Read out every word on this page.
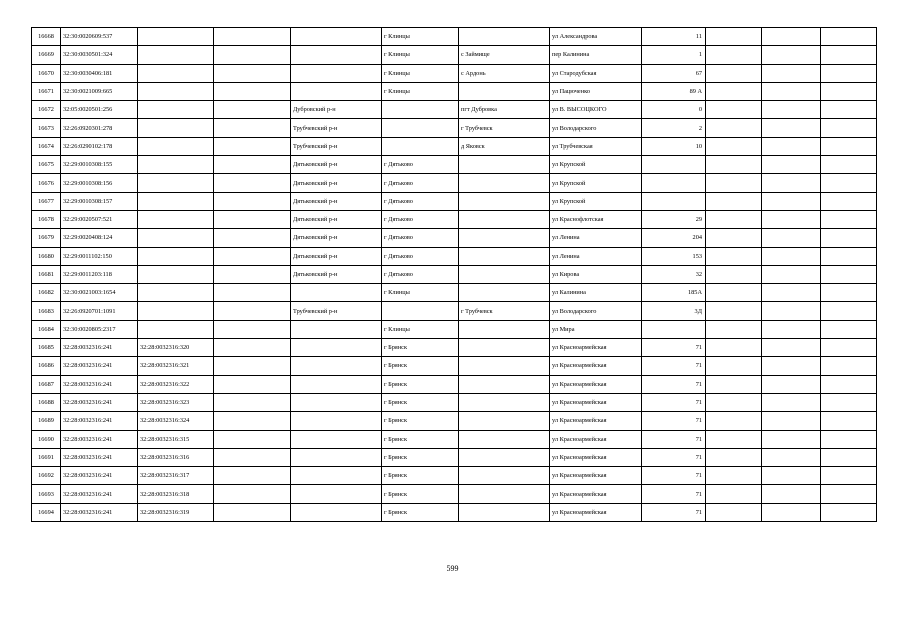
16668	32:30:0020609:537				г Клинцы		ул Александрова	11			
16669	32:30:0030501:324				г Клинцы	с Займище	пер Калинина	1			
16670	32:30:0030406:181				г Клинцы	с Ардонь	ул Стародубская	67			
16671	32:30:0021009:665				г Клинцы		ул Пацюченко	89 А			
16672	32:05:0020501:256			Дубровский р-н		пгт Дубровка	ул В. ВЫСОЦКОГО	0			
16673	32:26:0920301:278			Трубчевский р-н		г Трубчевск	ул Володарского	2			
16674	32:26:0290102:178			Трубчевский р-н		д Яковск	ул Трубчевская	10			
16675	32:29:0010308:155			Дятьковский р-н	г Дятьково		ул Крупской				
16676	32:29:0010308:156			Дятьковский р-н	г Дятьково		ул Крупской				
16677	32:29:0010308:157			Дятьковский р-н	г Дятьково		ул Крупской				
16678	32:29:0020507:521			Дятьковский р-н	г Дятьково		ул Краснофлотская	29			
16679	32:29:0020408:124			Дятьковский р-н	г Дятьково		ул Ленина	204			
16680	32:29:0011102:150			Дятьковский р-н	г Дятьково		ул Ленина	153			
16681	32:29:0011203:118			Дятьковский р-н	г Дятьково		ул Кирова	32			
16682	32:30:0021003:1654				г Клинцы		ул Калинина	185А			
16683	32:26:0920701:1091			Трубчевский р-н		г Трубчевск	ул Володарского	3Д			
16684	32:30:0020805:2317				г Клинцы		ул Мира				
16685	32:28:0032316:241	32:28:0032316:320			г Брянск		ул Красноармейская	71			
16686	32:28:0032316:241	32:28:0032316:321			г Брянск		ул Красноармейская	71			
16687	32:28:0032316:241	32:28:0032316:322			г Брянск		ул Красноармейская	71			
16688	32:28:0032316:241	32:28:0032316:323			г Брянск		ул Красноармейская	71			
16689	32:28:0032316:241	32:28:0032316:324			г Брянск		ул Красноармейская	71			
16690	32:28:0032316:241	32:28:0032316:315			г Брянск		ул Красноармейская	71			
16691	32:28:0032316:241	32:28:0032316:316			г Брянск		ул Красноармейская	71			
16692	32:28:0032316:241	32:28:0032316:317			г Брянск		ул Красноармейская	71			
16693	32:28:0032316:241	32:28:0032316:318			г Брянск		ул Красноармейская	71			
16694	32:28:0032316:241	32:28:0032316:319			г Брянск		ул Красноармейская	71			
599
